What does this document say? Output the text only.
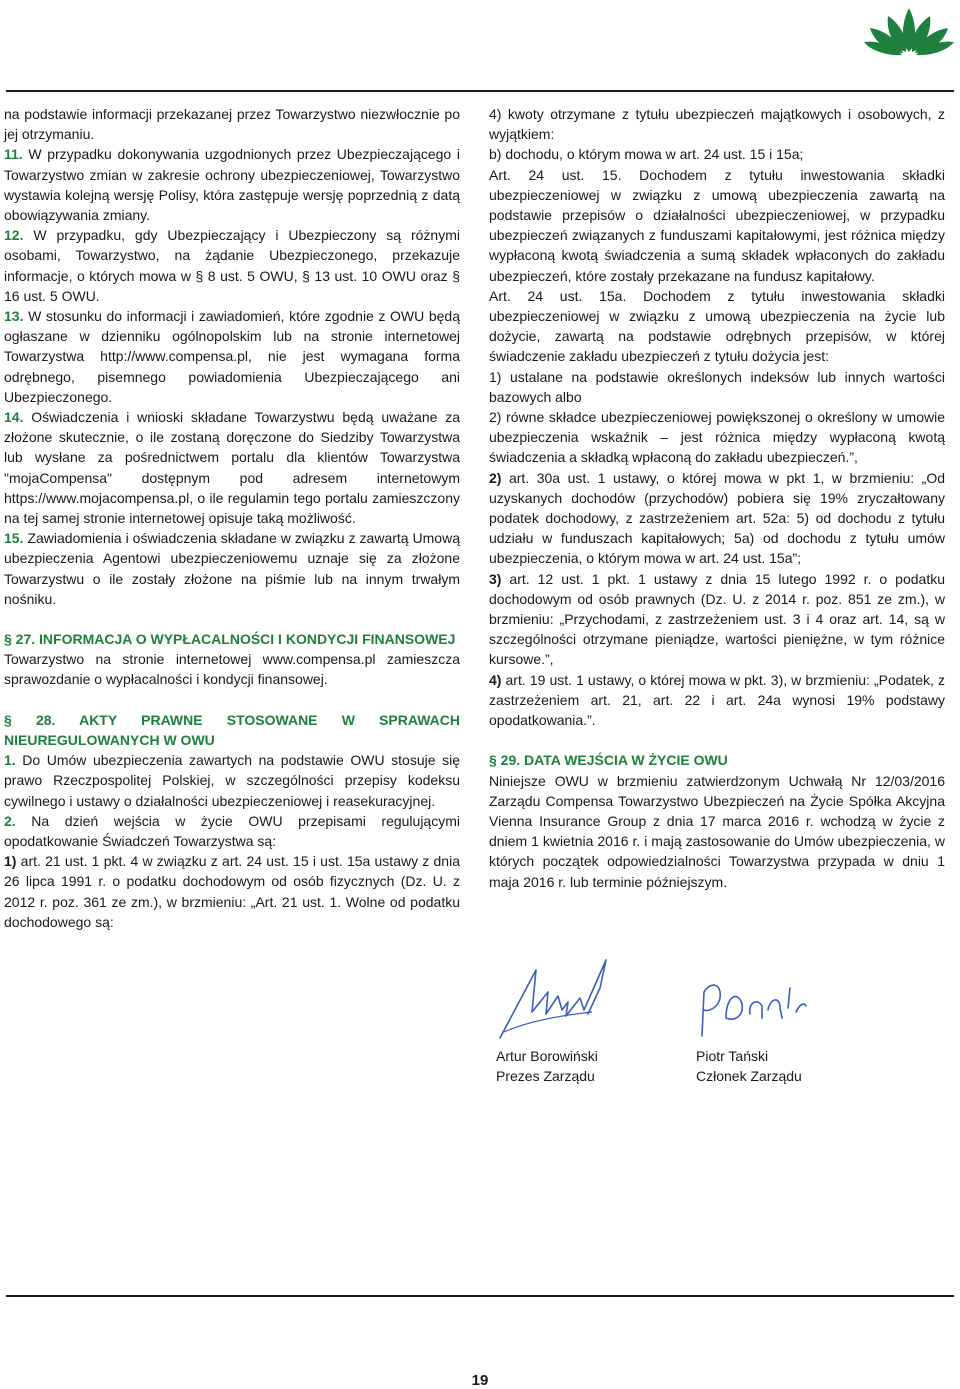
na podstawie informacji przekazanej przez Towarzystwo niezwłocznie po jej otrzymaniu.

11. W przypadku dokonywania uzgodnionych przez Ubezpieczającego i Towarzystwo zmian w zakresie ochrony ubezpieczeniowej, Towarzystwo wystawia kolejną wersję Polisy, która zastępuje wersję poprzednią z datą obowiązywania zmiany.

12. W przypadku, gdy Ubezpieczający i Ubezpieczony są różnymi osobami, Towarzystwo, na żądanie Ubezpieczonego, przekazuje informacje, o których mowa w § 8 ust. 5 OWU, § 13 ust. 10 OWU oraz § 16 ust. 5 OWU.

13. W stosunku do informacji i zawiadomień, które zgodnie z OWU będą ogłaszane w dzienniku ogólnopolskim lub na stronie internetowej Towarzystwa http://www.compensa.pl, nie jest wymagana forma odrębnego, pisemnego powiadomienia Ubezpieczającego ani Ubezpieczonego.

14. Oświadczenia i wnioski składane Towarzystwu będą uważane za złożone skutecznie, o ile zostaną doręczone do Siedziby Towarzystwa lub wysłane za pośrednictwem portalu dla klientów Towarzystwa "mojaCompensa" dostępnym pod adresem internetowym https://www.mojacompensa.pl, o ile regulamin tego portalu zamieszczony na tej samej stronie internetowej opisuje taką możliwość.

15. Zawiadomienia i oświadczenia składane w związku z zawartą Umową ubezpieczenia Agentowi ubezpieczeniowemu uznaje się za złożone Towarzystwu o ile zostały złożone na piśmie lub na innym trwałym nośniku.

§ 27. INFORMACJA O WYPŁACALNOŚCI I KONDYCJI FINANSOWEJ

Towarzystwo na stronie internetowej www.compensa.pl zamieszcza sprawozdanie o wypłacalności i kondycji finansowej.

§ 28. AKTY PRAWNE STOSOWANE W SPRAWACH NIEUREGULOWANYCH W OWU

1. Do Umów ubezpieczenia zawartych na podstawie OWU stosuje się prawo Rzeczpospolitej Polskiej, w szczególności przepisy kodeksu cywilnego i ustawy o działalności ubezpieczeniowej i reasekuracyjnej.

2. Na dzień wejścia w życie OWU przepisami regulującymi opodatkowanie Świadczeń Towarzystwa są:

1) art. 21 ust. 1 pkt. 4 w związku z art. 24 ust. 15 i ust. 15a ustawy z dnia 26 lipca 1991 r. o podatku dochodowym od osób fizycznych (Dz. U. z 2012 r. poz. 361 ze zm.), w brzmieniu: „Art. 21 ust. 1. Wolne od podatku dochodowego są:

4) kwoty otrzymane z tytułu ubezpieczeń majątkowych i osobowych, z wyjątkiem:

b) dochodu, o którym mowa w art. 24 ust. 15 i 15a;

Art. 24 ust. 15. Dochodem z tytułu inwestowania składki ubezpieczeniowej w związku z umową ubezpieczenia zawartą na podstawie przepisów o działalności ubezpieczeniowej, w przypadku ubezpieczeń związanych z funduszami kapitałowymi, jest różnica między wypłaconą kwotą świadczenia a sumą składek wpłaconych do zakładu ubezpieczeń, które zostały przekazane na fundusz kapitałowy.

Art. 24 ust. 15a. Dochodem z tytułu inwestowania składki ubezpieczeniowej w związku z umową ubezpieczenia na życie lub dożycie, zawartą na podstawie odrębnych przepisów, w której świadczenie zakładu ubezpieczeń z tytułu dożycia jest:

1) ustalane na podstawie określonych indeksów lub innych wartości bazowych albo

2) równe składce ubezpieczeniowej powiększonej o określony w umowie ubezpieczenia wskaźnik – jest różnica między wypłaconą kwotą świadczenia a składką wpłaconą do zakładu ubezpieczeń.”,

2) art. 30a ust. 1 ustawy, o której mowa w pkt 1, w brzmieniu: „Od uzyskanych dochodów (przychodów) pobiera się 19% zryczałtowany podatek dochodowy, z zastrzeżeniem art. 52a: 5) od dochodu z tytułu udziału w funduszach kapitałowych; 5a) od dochodu z tytułu umów ubezpieczenia, o którym mowa w art. 24 ust. 15a”;

3) art. 12 ust. 1 pkt. 1 ustawy z dnia 15 lutego 1992 r. o podatku dochodowym od osób prawnych (Dz. U. z 2014 r. poz. 851 ze zm.), w brzmieniu: „Przychodami, z zastrzeżeniem ust. 3 i 4 oraz art. 14, są w szczególności otrzymane pieniądze, wartości pieniężne, w tym różnice kursowe.”,

4) art. 19 ust. 1 ustawy, o której mowa w pkt. 3), w brzmieniu: „Podatek, z zastrzeżeniem art. 21, art. 22 i art. 24a wynosi 19% podstawy opodatkowania.”.

§ 29. DATA WEJŚCIA W ŻYCIE OWU

Niniejsze OWU w brzmieniu zatwierdzonym Uchwałą Nr 12/03/2016 Zarządu Compensa Towarzystwo Ubezpieczeń na Życie Spółka Akcyjna Vienna Insurance Group z dnia 17 marca 2016 r. wchodzą w życie z dniem 1 kwietnia 2016 r. i mają zastosowanie do Umów ubezpieczenia, w których początek odpowiedzialności Towarzystwa przypada w dniu 1 maja 2016 r. lub terminie późniejszym.

Artur Borowiński
Prezes Zarządu
Piotr Tański
Członek Zarządu
19
